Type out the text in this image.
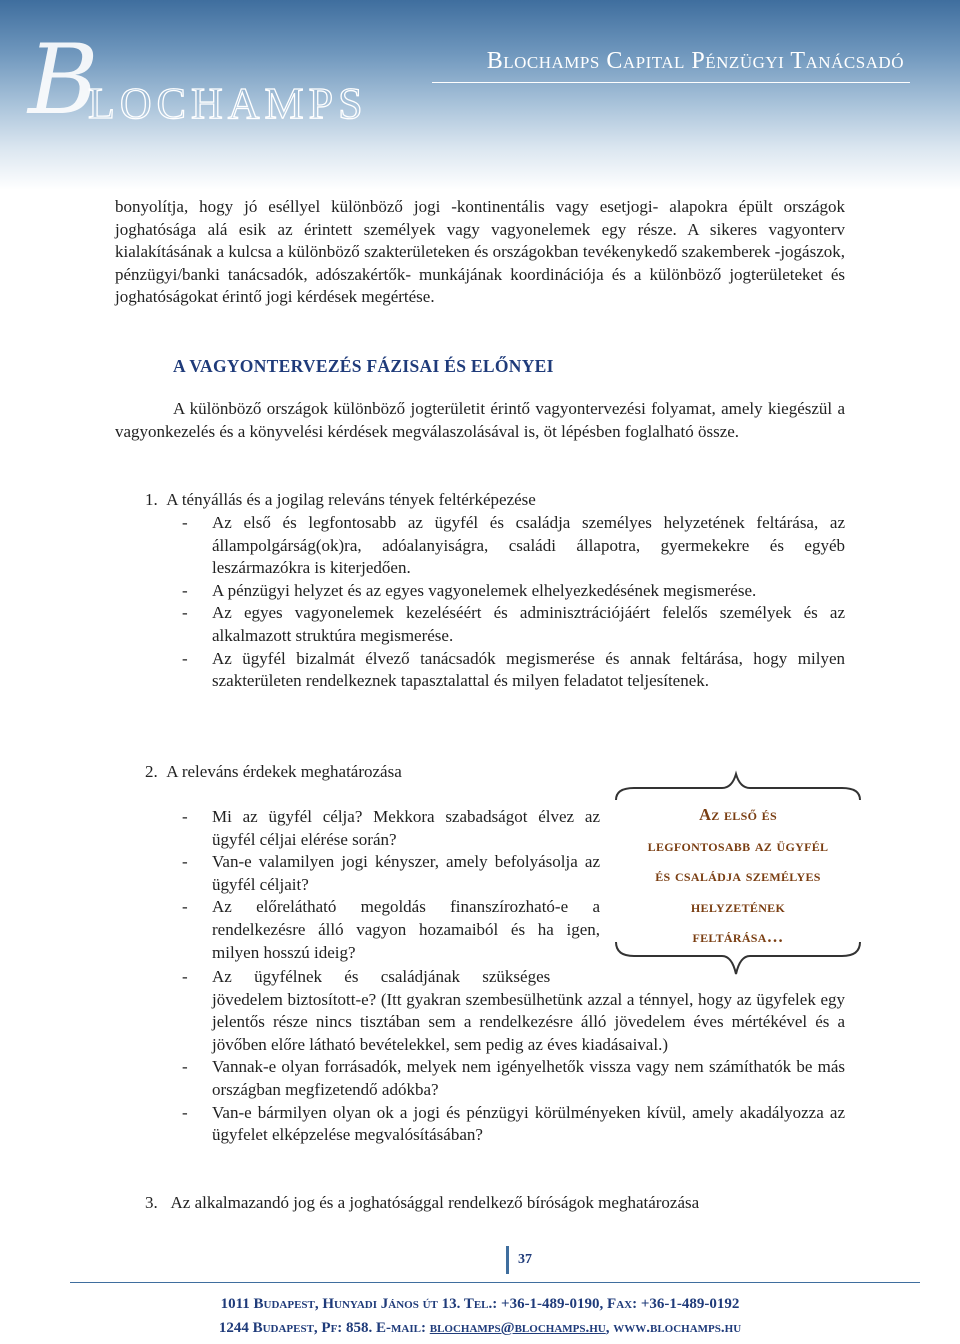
B
LOCHAMPS
Blochamps Capital Pénzügyi Tanácsadó
bonyolítja, hogy jó eséllyel különböző jogi -kontinentális vagy esetjogi- alapokra épült országok joghatósága alá esik az érintett személyek vagy vagyonelemek egy része. A sikeres vagyonterv kialakításának a kulcsa a különböző szakterületeken és országokban tevékenykedő szakemberek -jogászok, pénzügyi/banki tanácsadók, adószakértők- munkájának koordinációja és a különböző jogterületeket és joghatóságokat érintő jogi kérdések megértése.
A VAGYONTERVEZÉS FÁZISAI ÉS ELŐNYEI
A különböző országok különböző jogterületit érintő vagyontervezési folyamat, amely kiegészül a vagyonkezelés és a könyvelési kérdések megválaszolásával is, öt lépésben foglalható össze.
1. A tényállás és a jogilag releváns tények feltérképezése
- Az első és legfontosabb az ügyfél és családja személyes helyzetének feltárása, az állampolgárság(ok)ra, adóalanyiságra, családi állapotra, gyermekekre és egyéb leszármazókra is kiterjedően.
- A pénzügyi helyzet és az egyes vagyonelemek elhelyezkedésének megismerése.
- Az egyes vagyonelemek kezeléséért és adminisztrációjáért felelős személyek és az alkalmazott struktúra megismerése.
- Az ügyfél bizalmát élvező tanácsadók megismerése és annak feltárása, hogy milyen szakterületen rendelkeznek tapasztalattal és milyen feladatot teljesítenek.
2. A releváns érdekek meghatározása
- Mi az ügyfél célja? Mekkora szabadságot élvez az ügyfél céljai elérése során?
- Van-e valamilyen jogi kényszer, amely befolyásolja az ügyfél céljait?
- Az előrelátható megoldás finanszírozható-e a rendelkezésre álló vagyon hozamaiból és ha igen, milyen hosszú ideig?
- Az ügyfélnek és családjának szükséges

jövedelem biztosított-e? (Itt gyakran szembesülhetünk azzal a ténnyel, hogy az ügyfelek egy jelentős része nincs tisztában sem a rendelkezésre álló jövedelem éves mértékével és a jövőben előre látható bevételekkel, sem pedig az éves kiadásaival.)
- Vannak-e olyan forrásadók, melyek nem igényelhetők vissza vagy nem számíthatók be más országban megfizetendő adókba?
- Van-e bármilyen olyan ok a jogi és pénzügyi körülményeken kívül, amely akadályozza az ügyfelet elképzelése megvalósításában?
Az első és
legfontosabb az ügyfél
és családja személyes
helyzetének
feltárása…
3. Az alkalmazandó jog és a joghatósággal rendelkező bíróságok meghatározása
37
1011 Budapest, Hunyadi János út 13. Tel.: +36-1-489-0190, Fax: +36-1-489-0192
1244 Budapest, Pf: 858. E-mail: blochamps@blochamps.hu, www.blochamps.hu
